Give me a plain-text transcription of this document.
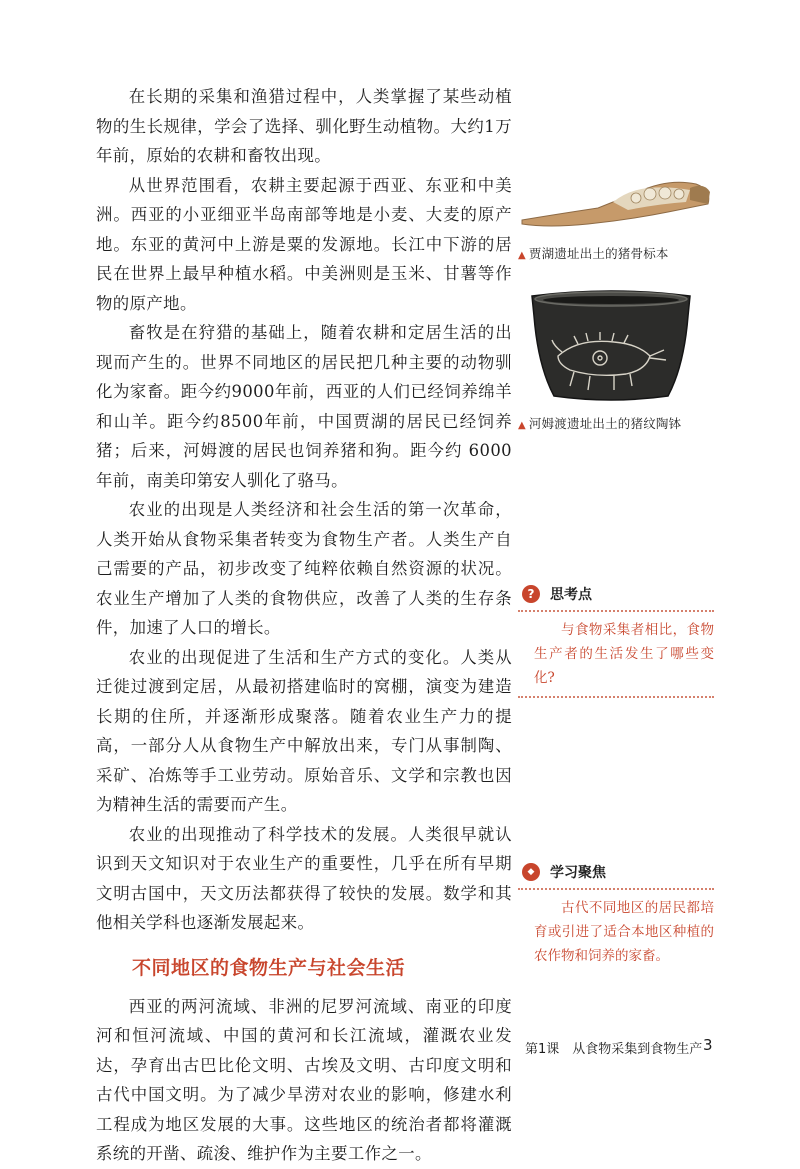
在长期的采集和渔猎过程中，人类掌握了某些动植物的生长规律，学会了选择、驯化野生动植物。大约1万年前，原始的农耕和畜牧出现。

从世界范围看，农耕主要起源于西亚、东亚和中美洲。西亚的小亚细亚半岛南部等地是小麦、大麦的原产地。东亚的黄河中上游是粟的发源地。长江中下游的居民在世界上最早种植水稻。中美洲则是玉米、甘薯等作物的原产地。

畜牧是在狩猎的基础上，随着农耕和定居生活的出现而产生的。世界不同地区的居民把几种主要的动物驯化为家畜。距今约9000年前，西亚的人们已经饲养绵羊和山羊。距今约8500年前，中国贾湖的居民已经饲养猪；后来，河姆渡的居民也饲养猪和狗。距今约 6000年前，南美印第安人驯化了骆马。

农业的出现是人类经济和社会生活的第一次革命，人类开始从食物采集者转变为食物生产者。人类生产自己需要的产品，初步改变了纯粹依赖自然资源的状况。农业生产增加了人类的食物供应，改善了人类的生存条件，加速了人口的增长。

农业的出现促进了生活和生产方式的变化。人类从迁徙过渡到定居，从最初搭建临时的窝棚，演变为建造长期的住所，并逐渐形成聚落。随着农业生产力的提高，一部分人从食物生产中解放出来，专门从事制陶、采矿、冶炼等手工业劳动。原始音乐、文学和宗教也因为精神生活的需要而产生。

农业的出现推动了科学技术的发展。人类很早就认识到天文知识对于农业生产的重要性，几乎在所有早期文明古国中，天文历法都获得了较快的发展。数学和其他相关学科也逐渐发展起来。

不同地区的食物生产与社会生活

西亚的两河流域、非洲的尼罗河流域、南亚的印度河和恒河流域、中国的黄河和长江流域，灌溉农业发达，孕育出古巴比伦文明、古埃及文明、古印度文明和古代中国文明。为了减少旱涝对农业的影响，修建水利工程成为地区发展的大事。这些地区的统治者都将灌溉系统的开凿、疏浚、维护作为主要工作之一。

▲ 贾湖遗址出土的猪骨标本
▲ 河姆渡遗址出土的猪纹陶钵
?	思考点
与食物采集者相比，食物生产者的生活发生了哪些变化?
◆	学习聚焦
古代不同地区的居民都培育或引进了适合本地区种植的农作物和饲养的家畜。
第1课　从食物采集到食物生产 3
